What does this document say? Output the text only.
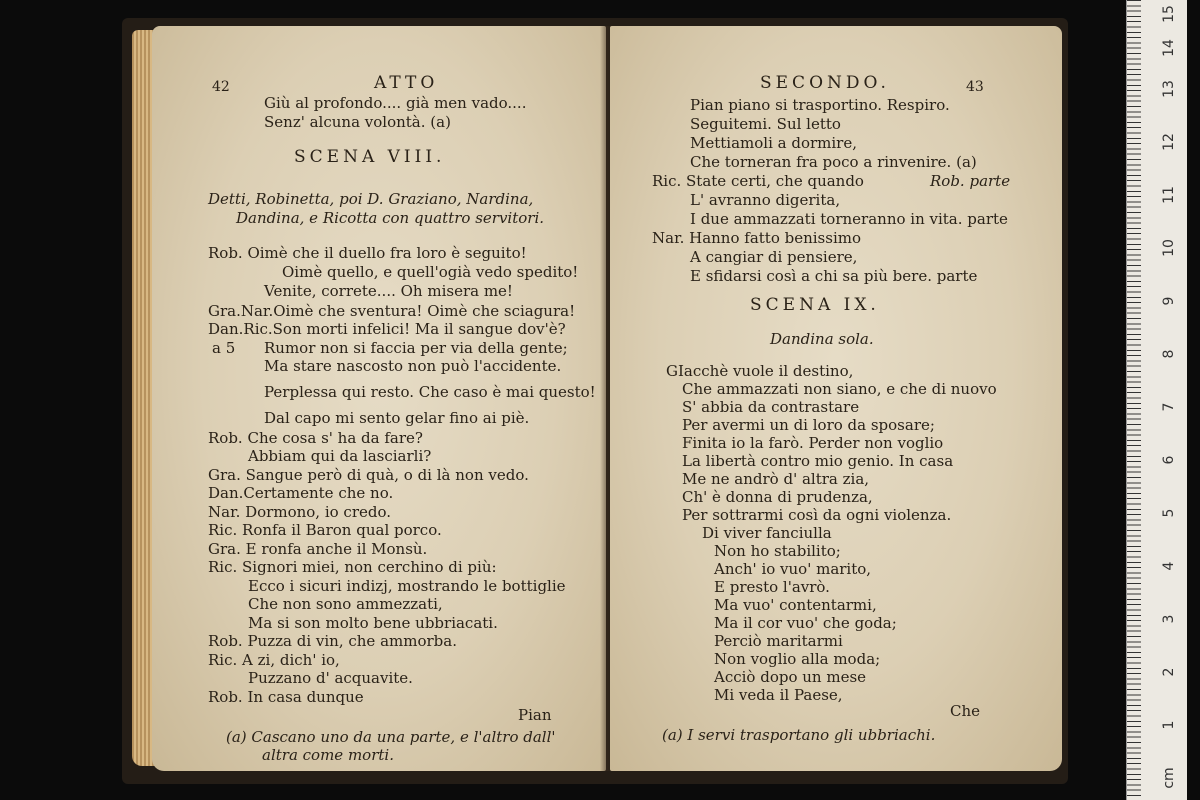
42	ATTO
Giù al profondo.... già men vado....
Senz' alcuna volontà. (a)
SCENA VIII.
Detti, Robinetta, poi D. Graziano, Nardina,
Dandina, e Ricotta con quattro servitori.
Rob. Oimè che il duello fra loro è seguito!
Oimè quello, e quell'ogià vedo spedito!
Venite, correte.... Oh misera me!
Gra.Nar.Oimè che sventura! Oimè che sciagura!
Dan.Ric.Son morti infelici! Ma il sangue dov'è?
a 5 Rumor non si faccia per via della gente;
Ma stare nascosto non può l'accidente.
Perplessa qui resto. Che caso è mai questo!
Dal capo mi sento gelar fino ai piè.
Rob. Che cosa s' ha da fare?
Abbiam qui da lasciarli?
Gra. Sangue però di quà, o di là non vedo.
Dan.Certamente che no.
Nar. Dormono, io credo.
Ric. Ronfa il Baron qual porco.
Gra. E ronfa anche il Monsù.
Ric. Signori miei, non cerchino di più:
Ecco i sicuri indizj, mostrando le bottiglie
Che non sono ammezzati,
Ma si son molto bene ubbriacati.
Rob. Puzza di vin, che ammorba.
Ric. A zi, dich' io,
Puzzano d' acquavite.
Rob. In casa dunque
Pian
(a) Cascano uno da una parte, e l'altro dall'
altra come morti.
SECONDO.	43
Pian piano si trasportino. Respiro.
Seguitemi. Sul letto
Mettiamoli a dormire,
Che torneran fra poco a rinvenire. (a)
Ric. State certi, che quando	Rob. parte
L' avranno digerita,
I due ammazzati torneranno in vita. parte
Nar. Hanno fatto benissimo
A cangiar di pensiere,
E sfidarsi così a chi sa più bere. parte
SCENA IX.
Dandina sola.
GIacchè vuole il destino,
Che ammazzati non siano, e che di nuovo
S' abbia da contrastare
Per avermi un di loro da sposare;
Finita io la farò. Perder non voglio
La libertà contro mio genio. In casa
Me ne andrò d' altra zia,
Ch' è donna di prudenza,
Per sottrarmi così da ogni violenza.
Di viver fanciulla
Non ho stabilito;
Anch' io vuo' marito,
E presto l'avrò.
Ma vuo' contentarmi,
Ma il cor vuo' che goda;
Perciò maritarmi
Non voglio alla moda;
Acciò dopo un mese
Mi veda il Paese,
Che
(a) I servi trasportano gli ubbriachi.
cm
1
2
3
4
5
6
7
8
9
10
11
12
13
14
15
